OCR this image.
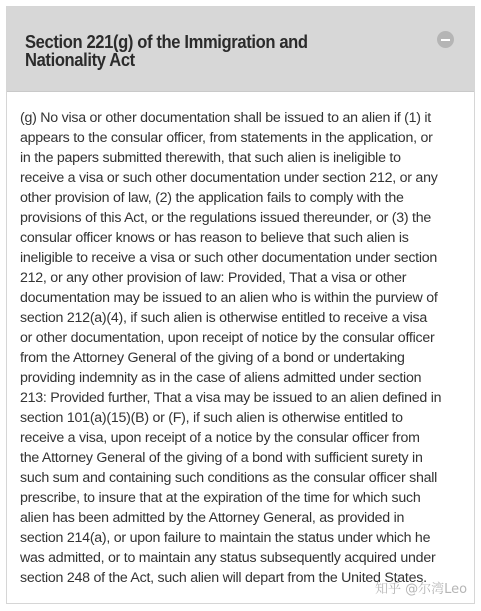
Section 221(g) of the Immigration and Nationality Act
(g) No visa or other documentation shall be issued to an alien if (1) it
appears to the consular officer, from statements in the application, or
in the papers submitted therewith, that such alien is ineligible to
receive a visa or such other documentation under section 212, or any
other provision of law, (2) the application fails to comply with the
provisions of this Act, or the regulations issued thereunder, or (3) the
consular officer knows or has reason to believe that such alien is
ineligible to receive a visa or such other documentation under section
212, or any other provision of law: Provided, That a visa or other
documentation may be issued to an alien who is within the purview of
section 212(a)(4), if such alien is otherwise entitled to receive a visa
or other documentation, upon receipt of notice by the consular officer
from the Attorney General of the giving of a bond or undertaking
providing indemnity as in the case of aliens admitted under section
213: Provided further, That a visa may be issued to an alien defined in
section 101(a)(15)(B) or (F), if such alien is otherwise entitled to
receive a visa, upon receipt of a notice by the consular officer from
the Attorney General of the giving of a bond with sufficient surety in
such sum and containing such conditions as the consular officer shall
prescribe, to insure that at the expiration of the time for which such
alien has been admitted by the Attorney General, as provided in
section 214(a), or upon failure to maintain the status under which he
was admitted, or to maintain any status subsequently acquired under
section 248 of the Act, such alien will depart from the United States.
知乎 @尔湾Leo
